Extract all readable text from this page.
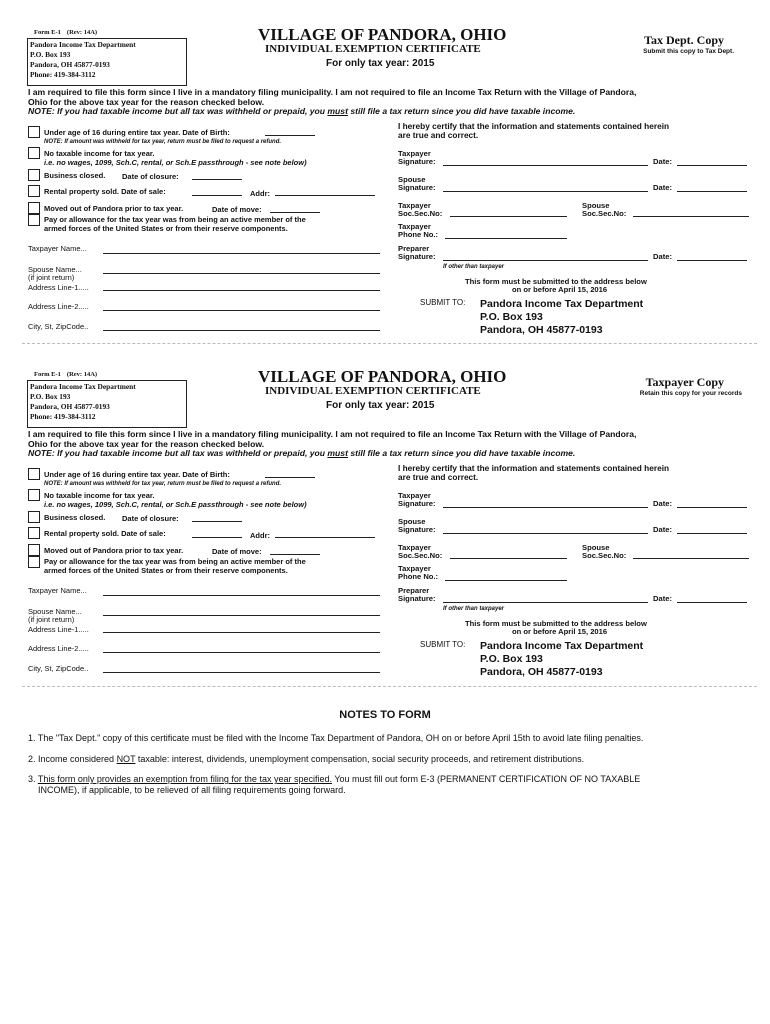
Form E-1 (Rev: 14A)
Pandora Income Tax Department
P.O. Box 193
Pandora, OH 45877-0193
Phone: 419-384-3112
VILLAGE OF PANDORA, OHIO
INDIVIDUAL EXEMPTION CERTIFICATE
For only tax year: 2015
Tax Dept. Copy
Submit this copy to Tax Dept.
I am required to file this form since I live in a mandatory filing municipality. I am not required to file an Income Tax Return with the Village of Pandora,
Ohio for the above tax year for the reason checked below.
NOTE: If you had taxable income but all tax was withheld or prepaid, you must still file a tax return since you did have taxable income.
Under age of 16 during entire tax year. Date of Birth:
NOTE: If amount was withheld for tax year, return must be filed to request a refund.
No taxable income for tax year.
i.e. no wages, 1099, Sch.C, rental, or Sch.E passthrough - see note below)
Business closed. Date of closure:
Rental property sold. Date of sale:	Addr:
Moved out of Pandora prior to tax year.	Date of move:
Pay or allowance for the tax year was from being an active member of the
armed forces of the United States or from their reserve components.
Taxpayer Name...
Spouse Name...
(if joint return)
Address Line-1.....
Address Line-2.....
City, St, ZipCode..
I hereby certify that the information and statements contained herein
are true and correct.
Taxpayer
Signature:	Date:
Spouse
Signature:	Date:
Taxpayer
Soc.Sec.No:
Spouse
Soc.Sec.No:
Taxpayer
Phone No.:
Preparer
Signature:	Date:
If other than taxpayer
This form must be submitted to the address below
on or before April 15, 2016
SUBMIT TO: Pandora Income Tax Department
P.O. Box 193
Pandora, OH 45877-0193
Form E-1 (Rev: 14A)
Pandora Income Tax Department
P.O. Box 193
Pandora, OH 45877-0193
Phone: 419-384-3112
VILLAGE OF PANDORA, OHIO
INDIVIDUAL EXEMPTION CERTIFICATE
For only tax year: 2015
Taxpayer Copy
Retain this copy for your records
I am required to file this form since I live in a mandatory filing municipality. I am not required to file an Income Tax Return with the Village of Pandora,
Ohio for the above tax year for the reason checked below.
NOTE: If you had taxable income but all tax was withheld or prepaid, you must still file a tax return since you did have taxable income.
Under age of 16 during entire tax year. Date of Birth:
NOTE: If amount was withheld for tax year, return must be filed to request a refund.
No taxable income for tax year.
i.e. no wages, 1099, Sch.C, rental, or Sch.E passthrough - see note below)
Business closed. Date of closure:
Rental property sold. Date of sale:	Addr:
Moved out of Pandora prior to tax year.	Date of move:
Pay or allowance for the tax year was from being an active member of the
armed forces of the United States or from their reserve components.
Taxpayer Name...
Spouse Name...
(if joint return)
Address Line-1.....
Address Line-2.....
City, St, ZipCode..
I hereby certify that the information and statements contained herein
are true and correct.
Taxpayer
Signature:	Date:
Spouse
Signature:	Date:
Taxpayer
Soc.Sec.No:
Spouse
Soc.Sec.No:
Taxpayer
Phone No.:
Preparer
Signature:	Date:
If other than taxpayer
This form must be submitted to the address below
on or before April 15, 2016
SUBMIT TO: Pandora Income Tax Department
P.O. Box 193
Pandora, OH 45877-0193
NOTES TO FORM
1. The "Tax Dept." copy of this certificate must be filed with the Income Tax Department of Pandora, OH on or before April 15th to avoid late filing penalties.
2. Income considered NOT taxable: interest, dividends, unemployment compensation, social security proceeds, and retirement distributions.
3. This form only provides an exemption from filing for the tax year specified. You must fill out form E-3 (PERMANENT CERTIFICATION OF NO TAXABLE
INCOME), if applicable, to be relieved of all filing requirements going forward.
